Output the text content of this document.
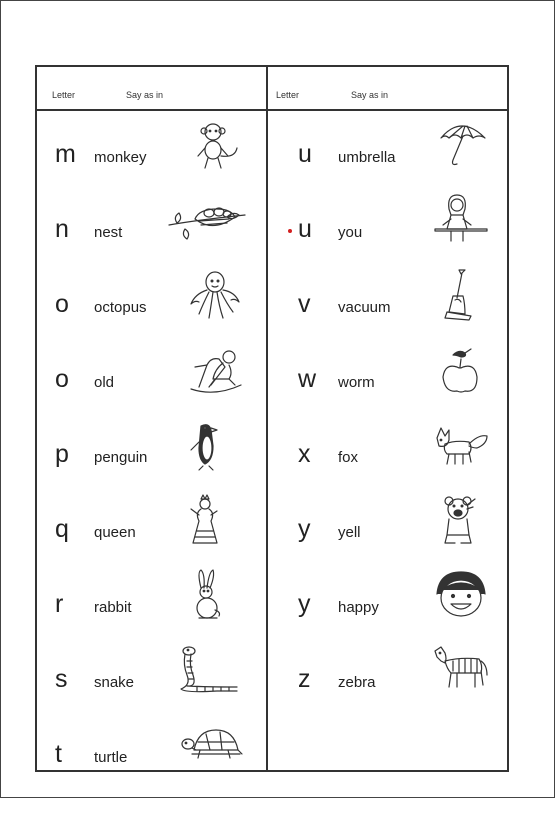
Letter	Say as in
m monkey
n nest
o octopus
o old
p penguin
q queen
r rabbit
s snake
t turtle
Letter	Say as in
u umbrella
u you
v vacuum
w worm
x fox
y yell
y happy
z zebra
